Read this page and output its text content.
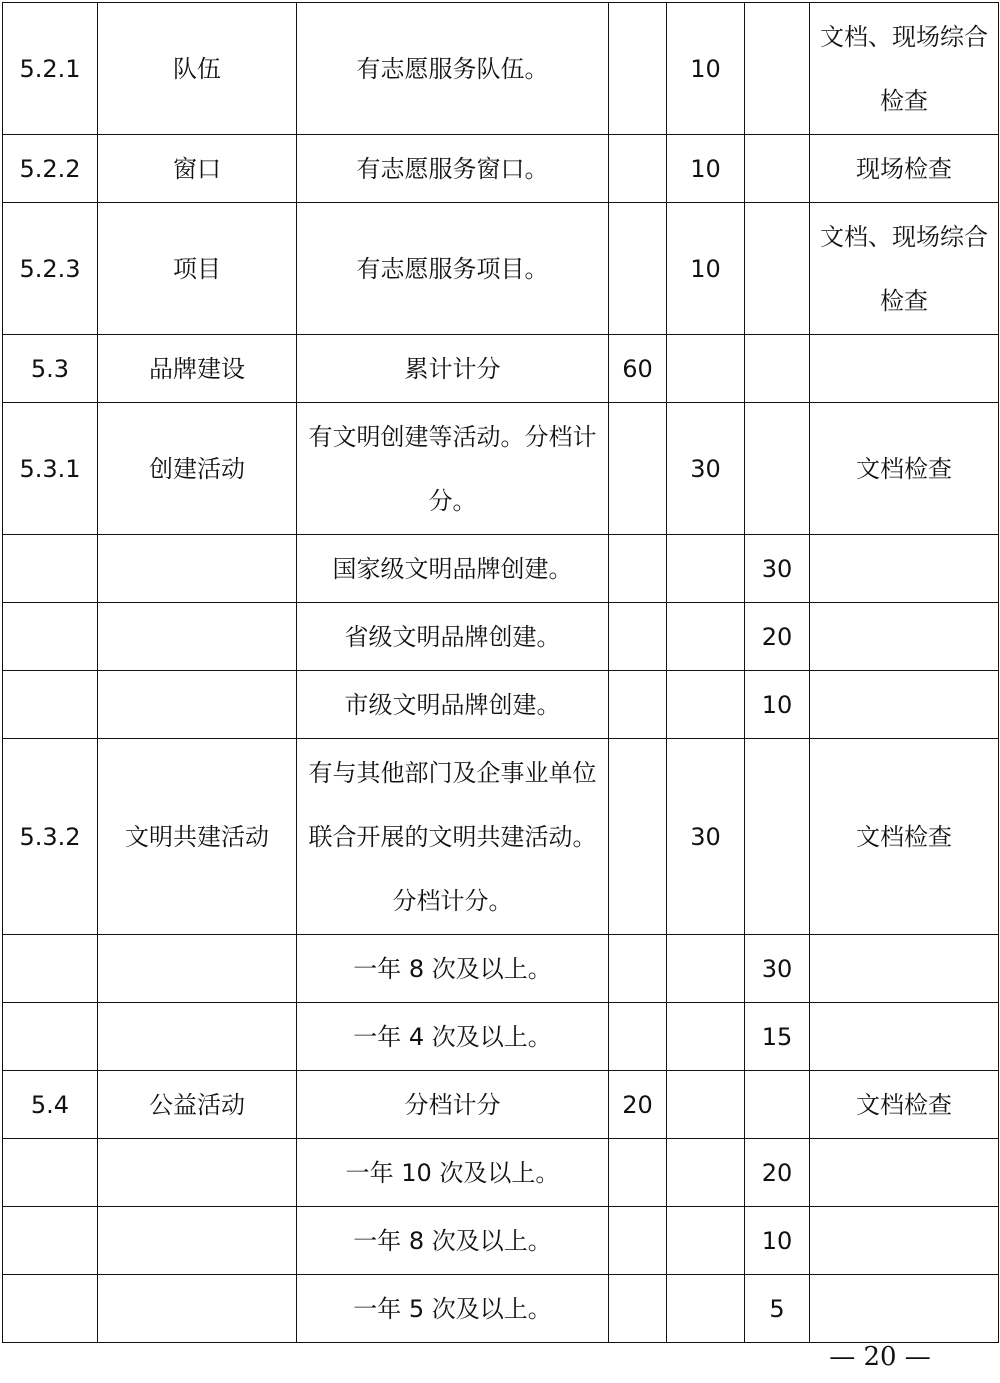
5.2.1	队伍	有志愿服务队伍。		10		文档、现场综合检查
5.2.2	窗口	有志愿服务窗口。		10		现场检查
5.2.3	项目	有志愿服务项目。		10		文档、现场综合检查
5.3	品牌建设	累计计分	60			
5.3.1	创建活动	有文明创建等活动。分档计分。		30		文档检查
		国家级文明品牌创建。			30	
		省级文明品牌创建。			20	
		市级文明品牌创建。			10	
5.3.2	文明共建活动	有与其他部门及企事业单位联合开展的文明共建活动。分档计分。		30		文档检查
		一年 8 次及以上。			30	
		一年 4 次及以上。			15	
5.4	公益活动	分档计分	20			文档检查
		一年 10 次及以上。			20	
		一年 8 次及以上。			10	
		一年 5 次及以上。			5	
— 20 —
